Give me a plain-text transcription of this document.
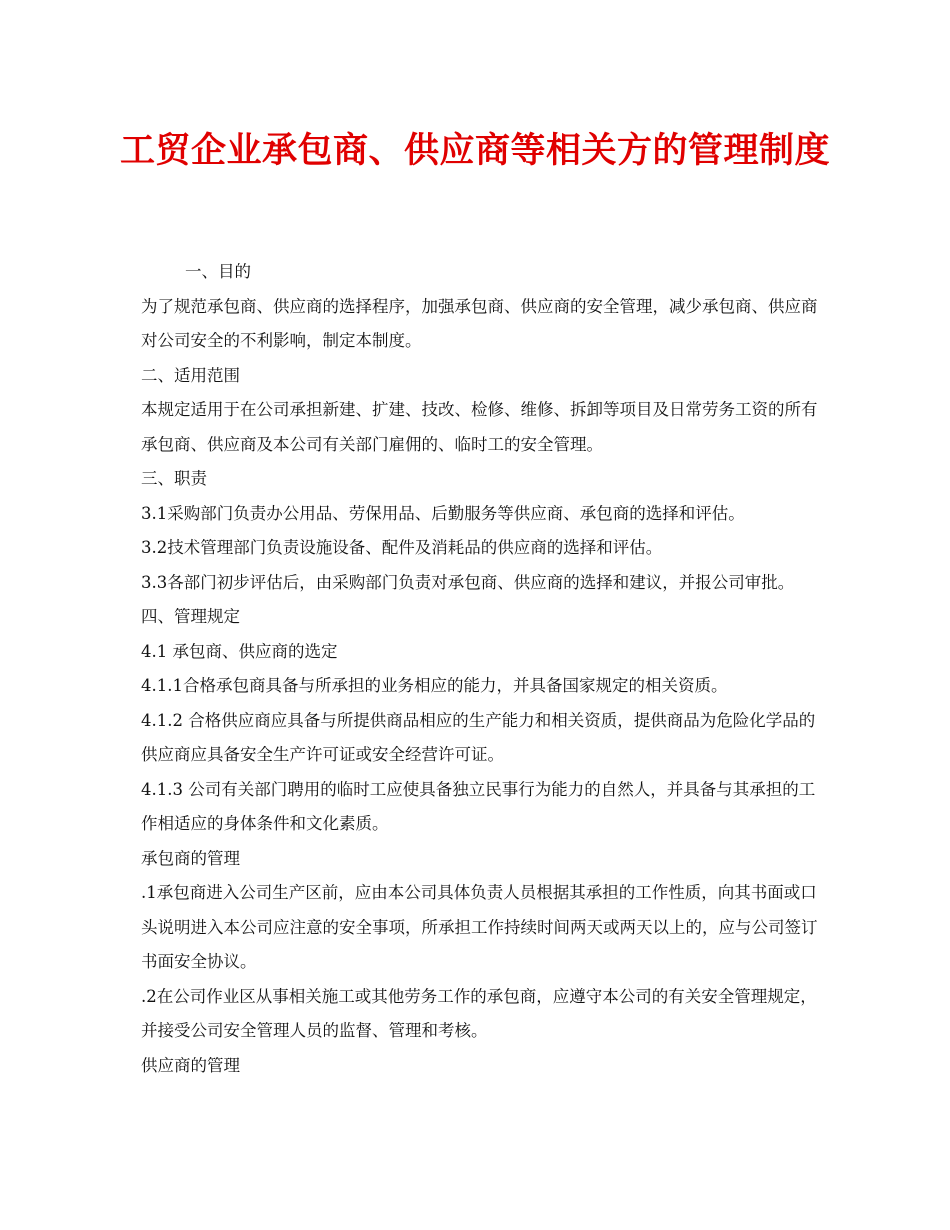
工贸企业承包商、供应商等相关方的管理制度

一、目的

为了规范承包商、供应商的选择程序，加强承包商、供应商的安全管理，减少承包商、供应商对公司安全的不利影响，制定本制度。

二、适用范围

本规定适用于在公司承担新建、扩建、技改、检修、维修、拆卸等项目及日常劳务工资的所有承包商、供应商及本公司有关部门雇佣的、临时工的安全管理。

三、职责

3.1采购部门负责办公用品、劳保用品、后勤服务等供应商、承包商的选择和评估。

3.2技术管理部门负责设施设备、配件及消耗品的供应商的选择和评估。

3.3各部门初步评估后，由采购部门负责对承包商、供应商的选择和建议，并报公司审批。

四、管理规定

4.1 承包商、供应商的选定

4.1.1合格承包商具备与所承担的业务相应的能力，并具备国家规定的相关资质。

4.1.2 合格供应商应具备与所提供商品相应的生产能力和相关资质，提供商品为危险化学品的供应商应具备安全生产许可证或安全经营许可证。

4.1.3 公司有关部门聘用的临时工应使具备独立民事行为能力的自然人，并具备与其承担的工作相适应的身体条件和文化素质。

承包商的管理

.1承包商进入公司生产区前，应由本公司具体负责人员根据其承担的工作性质，向其书面或口头说明进入本公司应注意的安全事项，所承担工作持续时间两天或两天以上的，应与公司签订书面安全协议。

.2在公司作业区从事相关施工或其他劳务工作的承包商，应遵守本公司的有关安全管理规定，并接受公司安全管理人员的监督、管理和考核。

供应商的管理
